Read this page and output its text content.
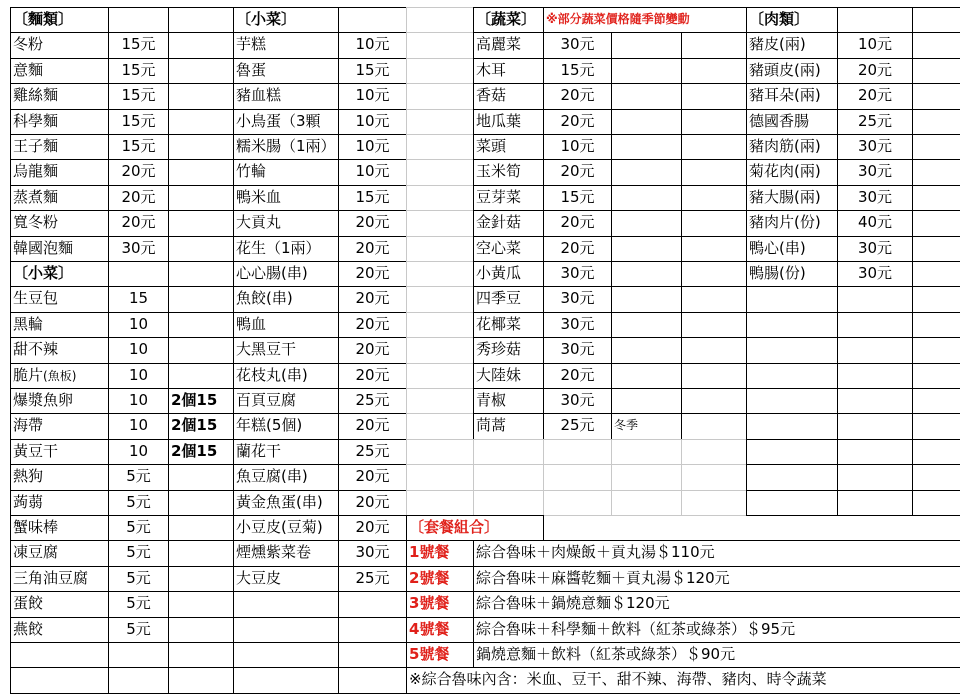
〔麵類〕
冬粉	15元
意麵	15元
雞絲麵	15元
科學麵	15元
王子麵	15元
烏龍麵	20元
蒸煮麵	20元
寬冬粉	20元
韓國泡麵	30元
〔小菜〕
生豆包	15
黑輪	10
甜不辣	10
脆片(魚板)	10
爆漿魚卵	10	2個15
海帶	10	2個15
黃豆干	10	2個15
熱狗	5元
蒟蒻	5元
蟹味棒	5元
凍豆腐	5元
三角油豆腐	5元
蛋餃	5元
燕餃	5元
〔小菜〕
芋糕	10元
魯蛋	15元
豬血糕	10元
小鳥蛋（3顆	10元
糯米腸（1兩）	10元
竹輪	10元
鴨米血	15元
大貢丸	20元
花生（1兩）	20元
心心腸(串)	20元
魚餃(串)	20元
鴨血	20元
大黑豆干	20元
花枝丸(串)	20元
百頁豆腐	25元
年糕(5個)	20元
蘭花干	25元
魚豆腐(串)	20元
黃金魚蛋(串)	20元
小豆皮(豆菊)	20元
煙燻紫菜卷	30元
大豆皮	25元
〔蔬菜〕 ※部分蔬菜價格隨季節變動
高麗菜	30元
木耳	15元
香菇	20元
地瓜葉	20元
菜頭	10元
玉米筍	20元
豆芽菜	15元
金針菇	20元
空心菜	20元
小黃瓜	30元
四季豆	30元
花椰菜	30元
秀珍菇	30元
大陸妹	20元
青椒	30元
茼蒿	25元	冬季
〔肉類〕
豬皮(兩)	10元
豬頭皮(兩)	20元
豬耳朵(兩)	20元
德國香腸	25元
豬肉筋(兩)	30元
菊花肉(兩)	30元
豬大腸(兩)	30元
豬肉片(份)	40元
鴨心(串)	30元
鴨腸(份)	30元
〔套餐組合〕
1號餐	綜合魯味＋肉燥飯＋貢丸湯＄110元
2號餐	綜合魯味＋麻醬乾麵＋貢丸湯＄120元
3號餐	綜合魯味＋鍋燒意麵＄120元
4號餐	綜合魯味＋科學麵＋飲料（紅茶或綠茶）＄95元
5號餐	鍋燒意麵＋飲料（紅茶或綠茶）＄90元
※綜合魯味內含：米血、豆干、甜不辣、海帶、豬肉、時令蔬菜
